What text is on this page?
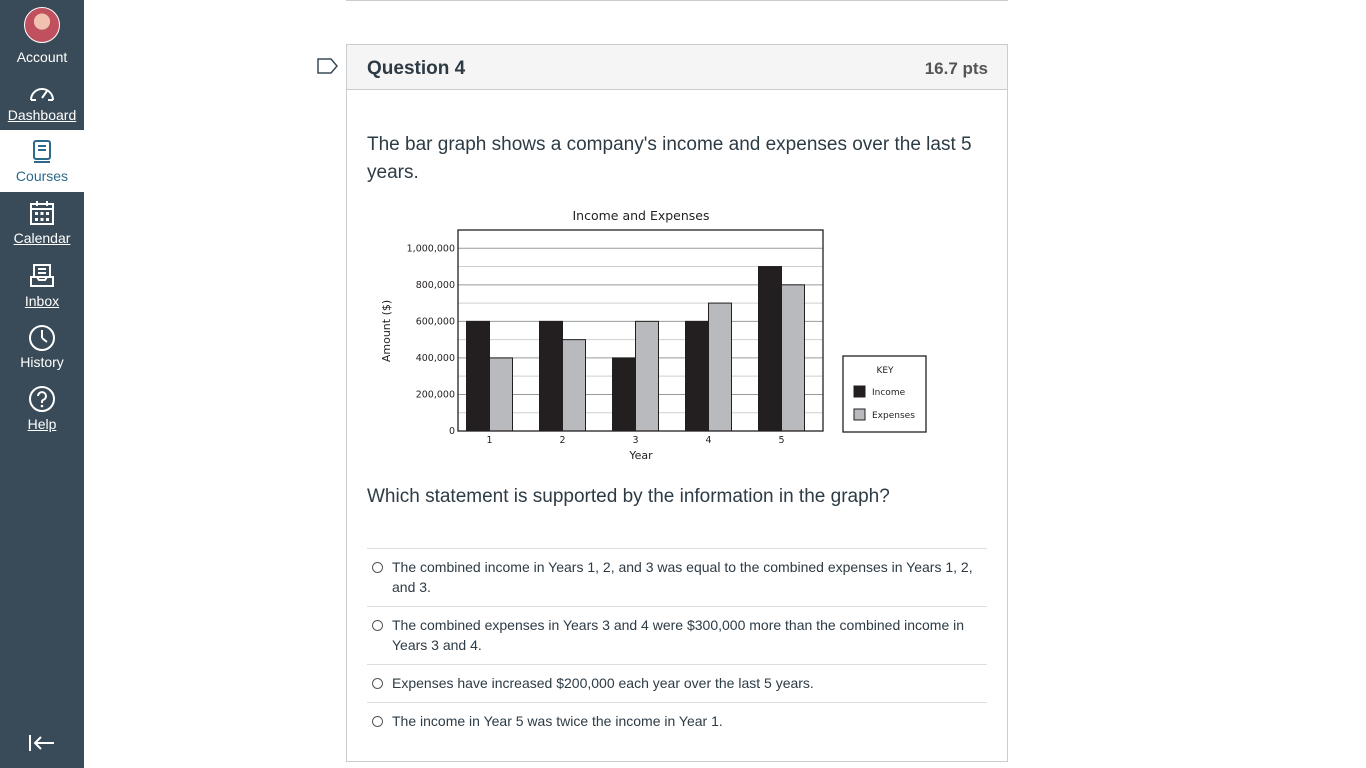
Account
Dashboard
Courses
Calendar
Inbox
History
Help
Question 4	16.7 pts
The bar graph shows a company's income and expenses over the last 5 years.
Income and Expenses
Year
Amount ($)
0
200,000
400,000
600,000
800,000
1,000,000
1	2	3	4	5
KEY
Income
Expenses
Which statement is supported by the information in the graph?
The combined income in Years 1, 2, and 3 was equal to the combined expenses in Years 1, 2, and 3.
The combined expenses in Years 3 and 4 were $300,000 more than the combined income in Years 3 and 4.
Expenses have increased $200,000 each year over the last 5 years.
The income in Year 5 was twice the income in Year 1.
